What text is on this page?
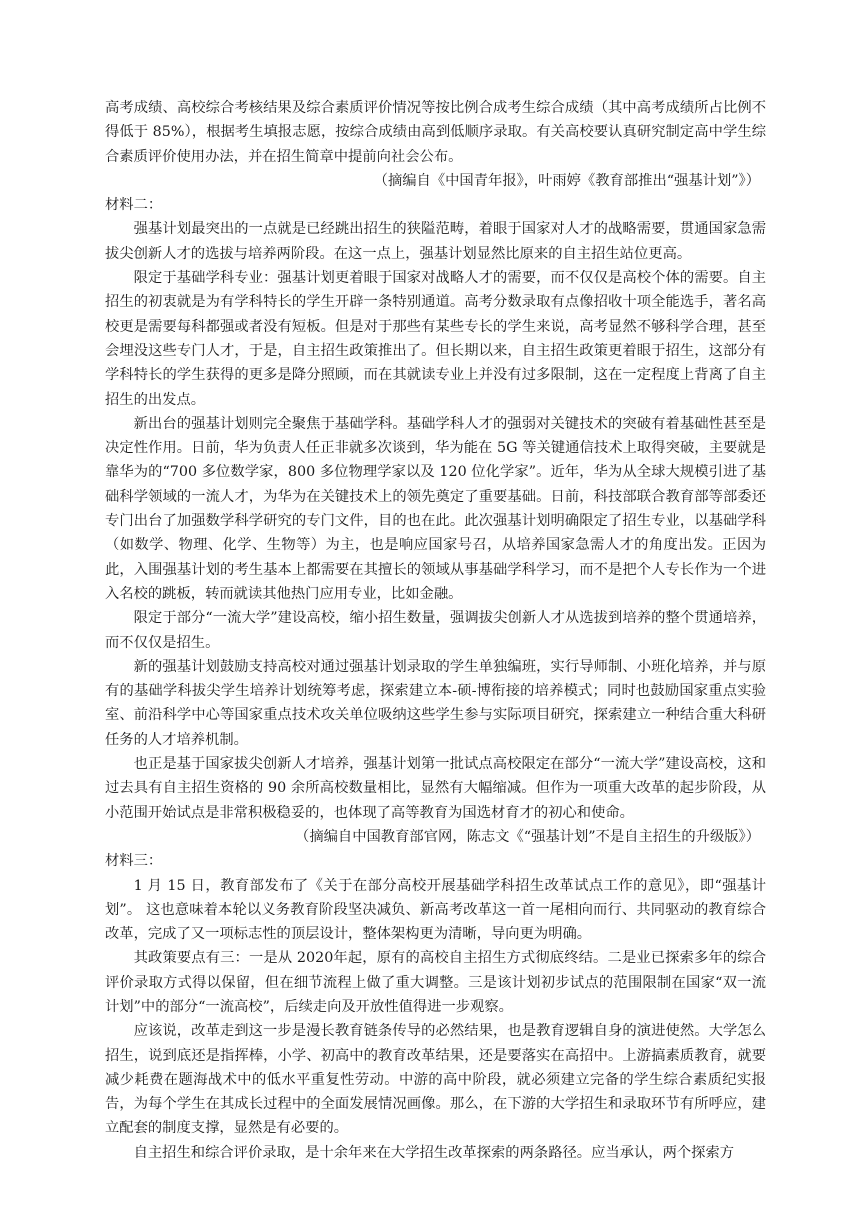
高考成绩、高校综合考核结果及综合素质评价情况等按比例合成考生综合成绩（其中高考成绩所占比例不得低于 85%），根据考生填报志愿，按综合成绩由高到低顺序录取。有关高校要认真研究制定高中学生综合素质评价使用办法，并在招生简章中提前向社会公布。

（摘编自《中国青年报》，叶雨婷《教育部推出“强基计划”》）

材料二：

强基计划最突出的一点就是已经跳出招生的狭隘范畴，着眼于国家对人才的战略需要，贯通国家急需拔尖创新人才的选拔与培养两阶段。在这一点上，强基计划显然比原来的自主招生站位更高。

限定于基础学科专业：强基计划更着眼于国家对战略人才的需要，而不仅仅是高校个体的需要。自主招生的初衷就是为有学科特长的学生开辟一条特别通道。高考分数录取有点像招收十项全能选手，著名高校更是需要每科都强或者没有短板。但是对于那些有某些专长的学生来说，高考显然不够科学合理，甚至会埋没这些专门人才，于是，自主招生政策推出了。但长期以来，自主招生政策更着眼于招生，这部分有学科特长的学生获得的更多是降分照顾，而在其就读专业上并没有过多限制，这在一定程度上背离了自主招生的出发点。

新出台的强基计划则完全聚焦于基础学科。基础学科人才的强弱对关键技术的突破有着基础性甚至是决定性作用。日前，华为负责人任正非就多次谈到，华为能在 5G 等关键通信技术上取得突破，主要就是靠华为的“700 多位数学家，800 多位物理学家以及 120 位化学家”。近年，华为从全球大规模引进了基础科学领域的一流人才，为华为在关键技术上的领先奠定了重要基础。日前，科技部联合教育部等部委还专门出台了加强数学科学研究的专门文件，目的也在此。此次强基计划明确限定了招生专业，以基础学科（如数学、物理、化学、生物等）为主，也是响应国家号召，从培养国家急需人才的角度出发。正因为此，入围强基计划的考生基本上都需要在其擅长的领域从事基础学科学习，而不是把个人专长作为一个进入名校的跳板，转而就读其他热门应用专业，比如金融。

限定于部分“一流大学”建设高校，缩小招生数量，强调拔尖创新人才从选拔到培养的整个贯通培养，而不仅仅是招生。

新的强基计划鼓励支持高校对通过强基计划录取的学生单独编班，实行导师制、小班化培养，并与原有的基础学科拔尖学生培养计划统筹考虑，探索建立本-硕-博衔接的培养模式；同时也鼓励国家重点实验室、前沿科学中心等国家重点技术攻关单位吸纳这些学生参与实际项目研究，探索建立一种结合重大科研任务的人才培养机制。

也正是基于国家拔尖创新人才培养，强基计划第一批试点高校限定在部分“一流大学”建设高校，这和过去具有自主招生资格的 90 余所高校数量相比，显然有大幅缩减。但作为一项重大改革的起步阶段，从小范围开始试点是非常积极稳妥的，也体现了高等教育为国选材育才的初心和使命。

（摘编自中国教育部官网，陈志文《“强基计划”不是自主招生的升级版》）

材料三：

1 月 15 日，教育部发布了《关于在部分高校开展基础学科招生改革试点工作的意见》，即“强基计划”。 这也意味着本轮以义务教育阶段坚决减负、新高考改革这一首一尾相向而行、共同驱动的教育综合改革，完成了又一项标志性的顶层设计，整体架构更为清晰，导向更为明确。

其政策要点有三：一是从 2020年起，原有的高校自主招生方式彻底终结。二是业已探索多年的综合评价录取方式得以保留，但在细节流程上做了重大调整。三是该计划初步试点的范围限制在国家“双一流计划”中的部分“一流高校”，后续走向及开放性值得进一步观察。

应该说，改革走到这一步是漫长教育链条传导的必然结果，也是教育逻辑自身的演进使然。大学怎么招生，说到底还是指挥棒，小学、初高中的教育改革结果，还是要落实在高招中。上游搞素质教育，就要减少耗费在题海战术中的低水平重复性劳动。中游的高中阶段，就必须建立完备的学生综合素质纪实报告，为每个学生在其成长过程中的全面发展情况画像。那么，在下游的大学招生和录取环节有所呼应，建立配套的制度支撑，显然是有必要的。

自主招生和综合评价录取，是十余年来在大学招生改革探索的两条路径。应当承认，两个探索方
